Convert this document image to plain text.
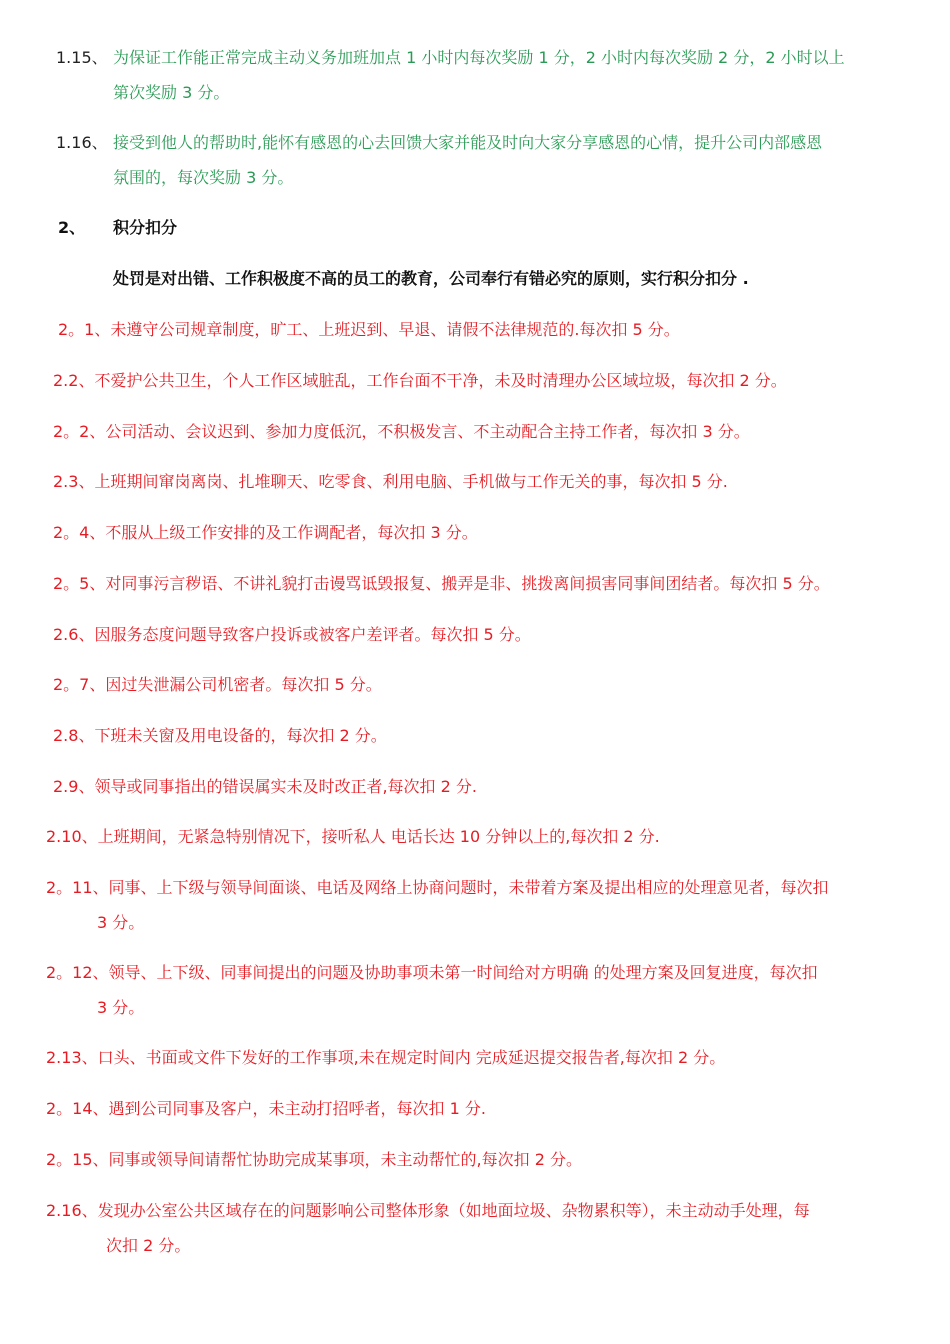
1.15、 为保证工作能正常完成主动义务加班加点 1 小时内每次奖励 1 分，2 小时内每次奖励 2 分，2 小时以上
第次奖励 3 分。
1.16、 接受到他人的帮助时,能怀有感恩的心去回馈大家并能及时向大家分享感恩的心情，提升公司内部感恩
氛围的，每次奖励 3 分。
2、 积分扣分
处罚是对出错、工作积极度不高的员工的教育，公司奉行有错必究的原则，实行积分扣分 .
2。1、未遵守公司规章制度，旷工、上班迟到、早退、请假不法律规范的.每次扣 5 分。
2.2、不爱护公共卫生，个人工作区域脏乱，工作台面不干净，未及时清理办公区域垃圾，每次扣 2 分。
2。2、公司活动、会议迟到、参加力度低沉，不积极发言、不主动配合主持工作者，每次扣 3 分。
2.3、上班期间窜岗离岗、扎堆聊天、吃零食、利用电脑、手机做与工作无关的事，每次扣 5 分.
2。4、不服从上级工作安排的及工作调配者，每次扣 3 分。
2。5、对同事污言秽语、不讲礼貌打击谩骂诋毁报复、搬弄是非、挑拨离间损害同事间团结者。每次扣 5 分。
2.6、因服务态度问题导致客户投诉或被客户差评者。每次扣 5 分。
2。7、因过失泄漏公司机密者。每次扣 5 分。
2.8、下班未关窗及用电设备的，每次扣 2 分。
2.9、领导或同事指出的错误属实未及时改正者,每次扣 2 分.
2.10、上班期间，无紧急特别情况下，接听私人 电话长达 10 分钟以上的,每次扣 2 分.
2。11、同事、上下级与领导间面谈、电话及网络上协商问题时，未带着方案及提出相应的处理意见者，每次扣
3 分。
2。12、领导、上下级、同事间提出的问题及协助事项未第一时间给对方明确 的处理方案及回复进度，每次扣
3 分。
2.13、口头、书面或文件下发好的工作事项,未在规定时间内 完成延迟提交报告者,每次扣 2 分。
2。14、遇到公司同事及客户，未主动打招呼者，每次扣 1 分.
2。15、同事或领导间请帮忙协助完成某事项，未主动帮忙的,每次扣 2 分。
2.16、发现办公室公共区域存在的问题影响公司整体形象（如地面垃圾、杂物累积等），未主动动手处理，每
次扣 2 分。
